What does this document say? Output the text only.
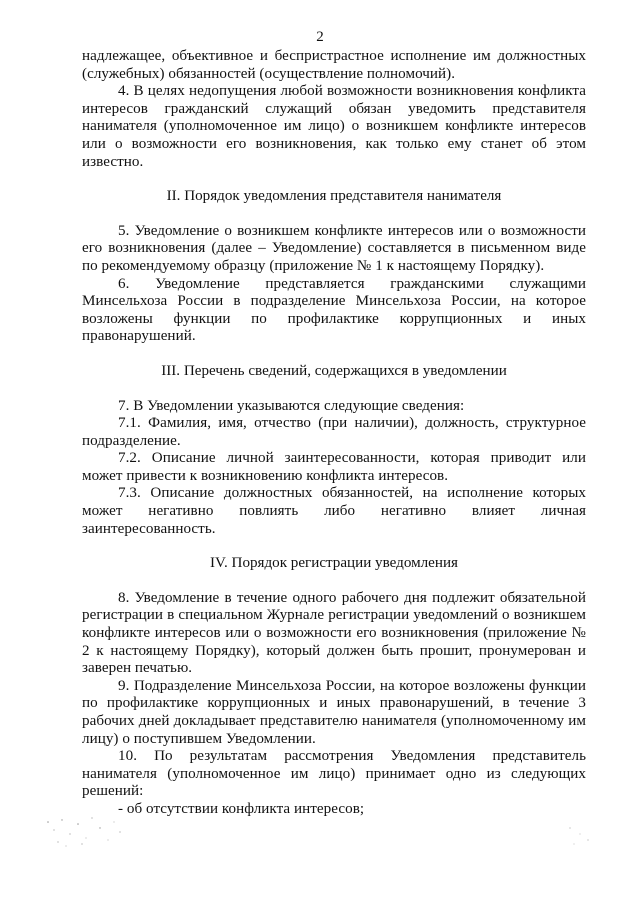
2

надлежащее, объективное и беспристрастное исполнение им должностных (служебных) обязанностей (осуществление полномочий).

4. В целях недопущения любой возможности возникновения конфликта интересов гражданский служащий обязан уведомить представителя нанимателя (уполномоченное им лицо) о возникшем конфликте интересов или о возможности его возникновения, как только ему станет об этом известно.

II. Порядок уведомления представителя нанимателя

5. Уведомление о возникшем конфликте интересов или о возможности его возникновения (далее – Уведомление) составляется в письменном виде по рекомендуемому образцу (приложение № 1 к настоящему Порядку).

6. Уведомление представляется гражданскими служащими Минсельхоза России в подразделение Минсельхоза России, на которое возложены функции по профилактике коррупционных и иных правонарушений.

III. Перечень сведений, содержащихся в уведомлении

7. В Уведомлении указываются следующие сведения:

7.1. Фамилия, имя, отчество (при наличии), должность, структурное подразделение.

7.2. Описание личной заинтересованности, которая приводит или может привести к возникновению конфликта интересов.

7.3. Описание должностных обязанностей, на исполнение которых может негативно повлиять либо негативно влияет личная заинтересованность.

IV. Порядок регистрации уведомления

8. Уведомление в течение одного рабочего дня подлежит обязательной регистрации в специальном Журнале регистрации уведомлений о возникшем конфликте интересов или о возможности его возникновения (приложение № 2 к настоящему Порядку), который должен быть прошит, пронумерован и заверен печатью.

9. Подразделение Минсельхоза России, на которое возложены функции по профилактике коррупционных и иных правонарушений, в течение 3 рабочих дней докладывает представителю нанимателя (уполномоченному им лицу) о поступившем Уведомлении.

10. По результатам рассмотрения Уведомления представитель нанимателя (уполномоченное им лицо) принимает одно из следующих решений:

- об отсутствии конфликта интересов;
